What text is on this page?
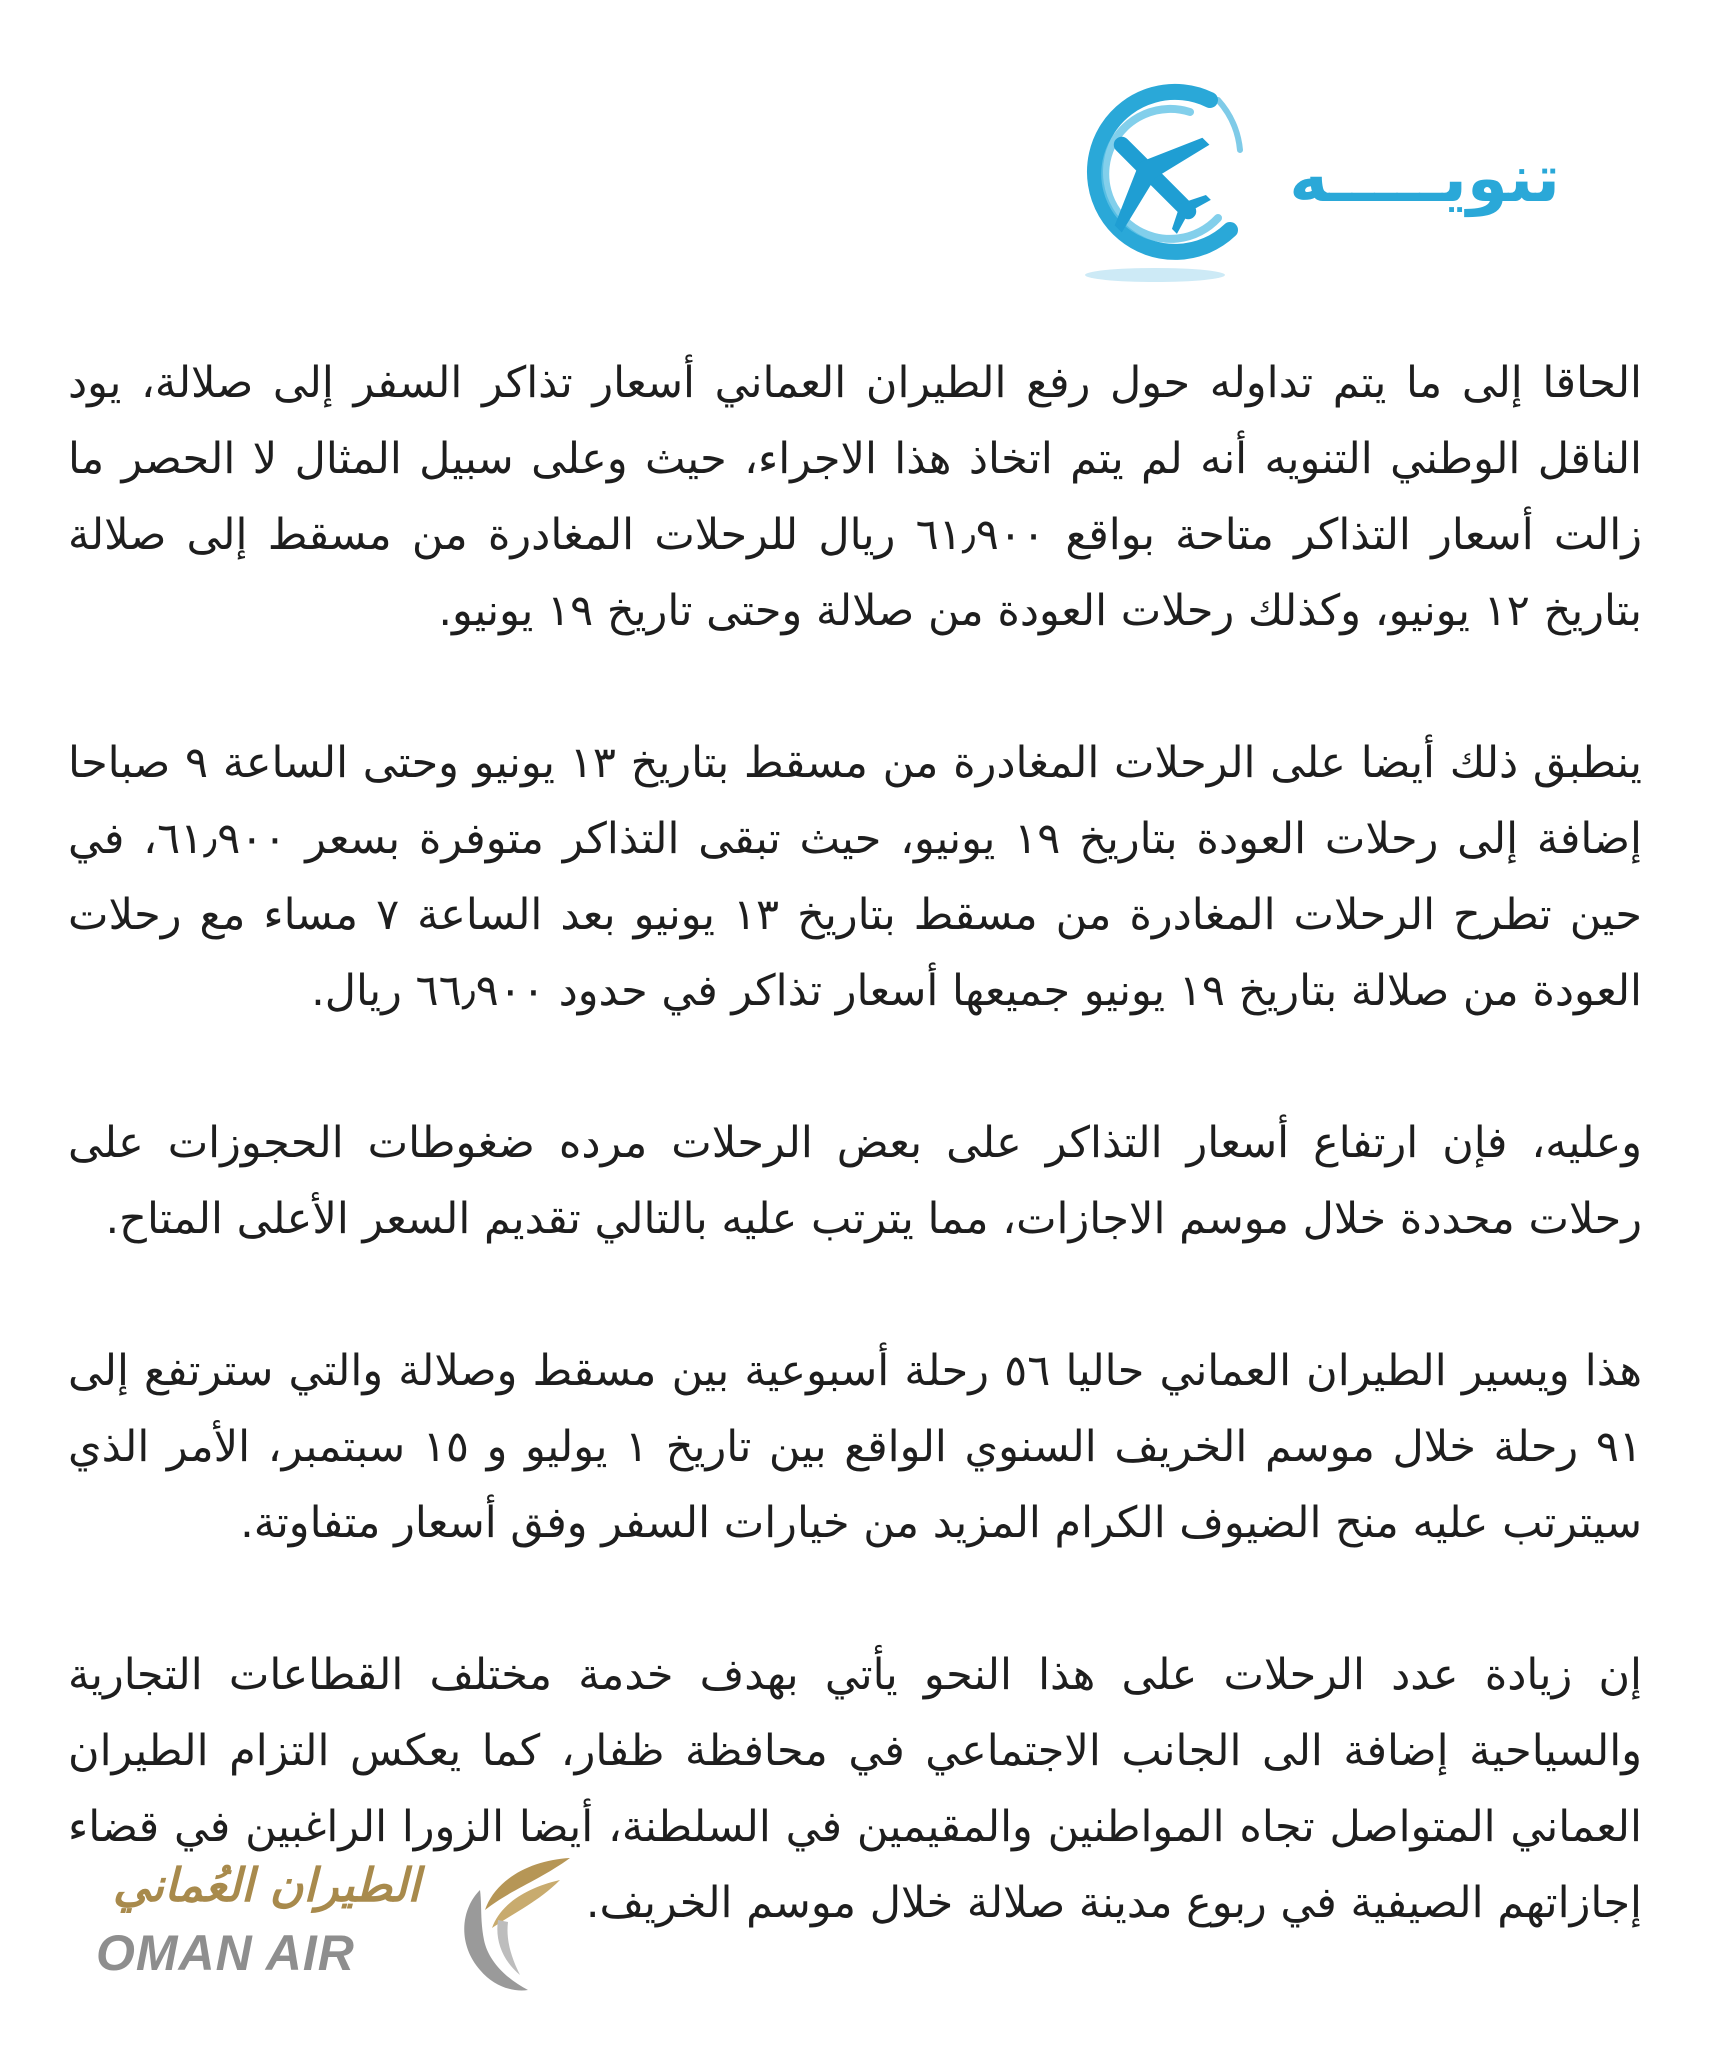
تنويـــــه

الحاقا إلى ما يتم تداوله حول رفع الطيران العماني أسعار تذاكر السفر إلى صلالة، يود الناقل الوطني التنويه أنه لم يتم اتخاذ هذا الاجراء، حيث وعلى سبيل المثال لا الحصر ما زالت أسعار التذاكر متاحة بواقع ٦١٫٩٠٠ ريال للرحلات المغادرة من مسقط إلى صلالة بتاريخ ١٢ يونيو، وكذلك رحلات العودة من صلالة وحتى تاريخ ١٩ يونيو.

ينطبق ذلك أيضا على الرحلات المغادرة من مسقط بتاريخ ١٣ يونيو وحتى الساعة ٩ صباحا إضافة إلى رحلات العودة بتاريخ ١٩ يونيو، حيث تبقى التذاكر متوفرة بسعر ٦١٫٩٠٠، في حين تطرح الرحلات المغادرة من مسقط بتاريخ ١٣ يونيو بعد الساعة ٧ مساء مع رحلات العودة من صلالة بتاريخ ١٩ يونيو جميعها أسعار تذاكر في حدود ٦٦٫٩٠٠ ريال.

وعليه، فإن ارتفاع أسعار التذاكر على بعض الرحلات مرده ضغوطات الحجوزات على رحلات محددة خلال موسم الاجازات، مما يترتب عليه بالتالي تقديم السعر الأعلى المتاح.

هذا ويسير الطيران العماني حاليا ٥٦ رحلة أسبوعية بين مسقط وصلالة والتي سترتفع إلى ٩١ رحلة خلال موسم الخريف السنوي الواقع بين تاريخ ١ يوليو و ١٥ سبتمبر، الأمر الذي سيترتب عليه منح الضيوف الكرام المزيد من خيارات السفر وفق أسعار متفاوتة.

إن زيادة عدد الرحلات على هذا النحو يأتي بهدف خدمة مختلف القطاعات التجارية والسياحية إضافة الى الجانب الاجتماعي في محافظة ظفار، كما يعكس التزام الطيران العماني المتواصل تجاه المواطنين والمقيمين في السلطنة، أيضا الزورا الراغبين في قضاء إجازاتهم الصيفية في ربوع مدينة صلالة خلال موسم الخريف.

الطيران العُماني
OMAN AIR
